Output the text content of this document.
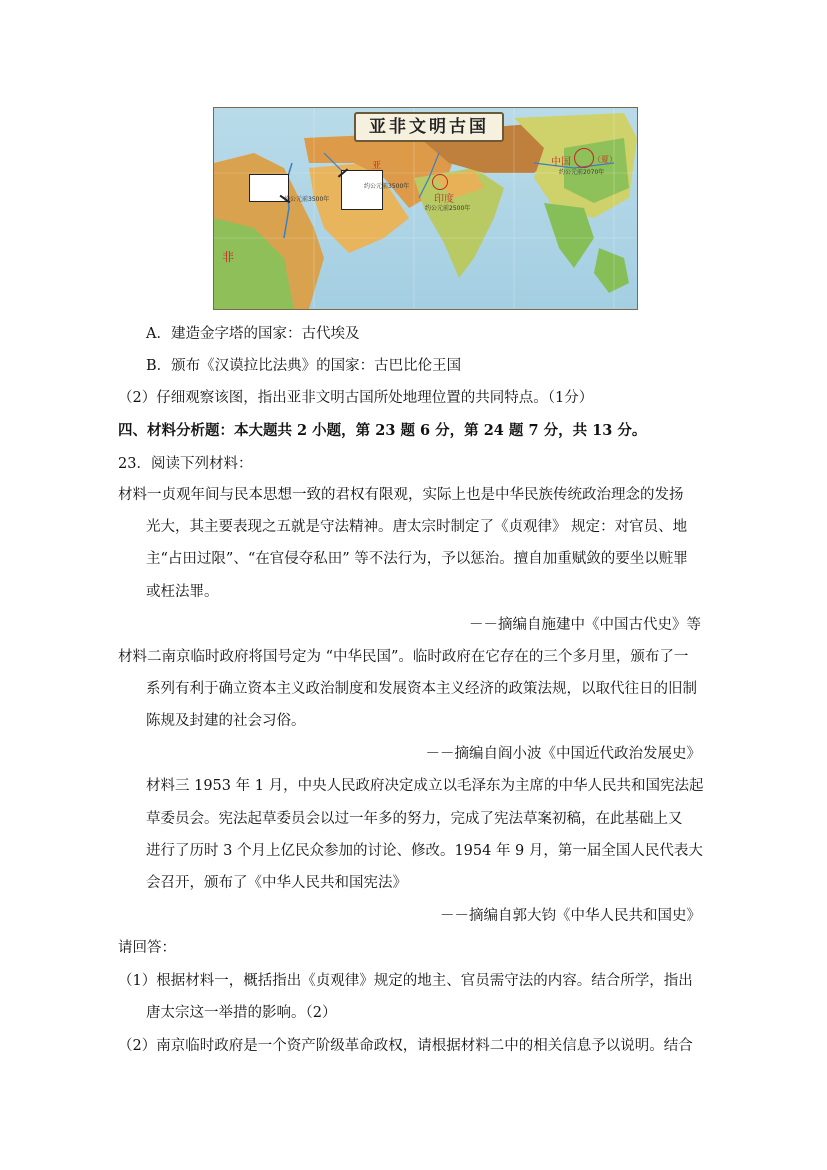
亚非文明古国
约公元前3500年
约公元前3500年
印度
约公元前2500年
中国	（夏）
约公元前2070年
亚
非
A．建造金字塔的国家：古代埃及
B．颁布《汉谟拉比法典》的国家：古巴比伦王国
（2）仔细观察该图，指出亚非文明古国所处地理位置的共同特点。（1分）
四、材料分析题：本大题共 2 小题，第 23 题 6 分，第 24 题 7 分，共 13 分。
23．阅读下列材料：
材料一贞观年间与民本思想一致的君权有限观，实际上也是中华民族传统政治理念的发扬
光大，其主要表现之五就是守法精神。唐太宗时制定了《贞观律》 规定：对官员、地
主“占田过限”、“在官侵夺私田” 等不法行为，予以惩治。擅自加重赋敛的要坐以赃罪
或枉法罪。
－－摘编自施建中《中国古代史》等
材料二南京临时政府将国号定为 “中华民国”。临时政府在它存在的三个多月里，颁布了一
系列有利于确立资本主义政治制度和发展资本主义经济的政策法规，以取代往日的旧制
陈规及封建的社会习俗。
－－摘编自阎小波《中国近代政治发展史》
材料三 1953 年 1 月，中央人民政府决定成立以毛泽东为主席的中华人民共和国宪法起
草委员会。宪法起草委员会以过一年多的努力，完成了宪法草案初稿，在此基础上又
进行了历时 3 个月上亿民众参加的讨论、修改。1954 年 9 月，第一届全国人民代表大
会召开，颁布了《中华人民共和国宪法》
－－摘编自郭大钧《中华人民共和国史》
请回答：
（1）根据材料一，概括指出《贞观律》规定的地主、官员需守法的内容。结合所学，指出
唐太宗这一举措的影响。（2）
（2）南京临时政府是一个资产阶级革命政权，请根据材料二中的相关信息予以说明。结合
